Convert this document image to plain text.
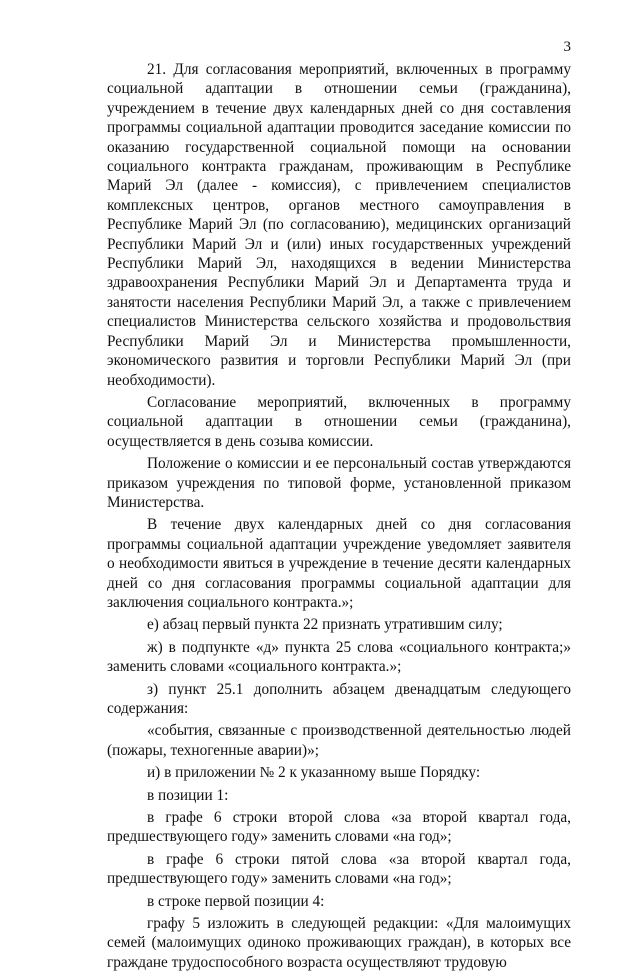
3

21. Для согласования мероприятий, включенных в программу социальной адаптации в отношении семьи (гражданина), учреждением в течение двух календарных дней со дня составления программы социальной адаптации проводится заседание комиссии по оказанию государственной социальной помощи на основании социального контракта гражданам, проживающим в Республике Марий Эл (далее - комиссия), с привлечением специалистов комплексных центров, органов местного самоуправления в Республике Марий Эл (по согласованию), медицинских организаций Республики Марий Эл и (или) иных государственных учреждений Республики Марий Эл, находящихся в ведении Министерства здравоохранения Республики Марий Эл и Департамента труда и занятости населения Республики Марий Эл, а также с привлечением специалистов Министерства сельского хозяйства и продовольствия Республики Марий Эл и Министерства промышленности, экономического развития и торговли Республики Марий Эл (при необходимости).

Согласование мероприятий, включенных в программу социальной адаптации в отношении семьи (гражданина), осуществляется в день созыва комиссии.

Положение о комиссии и ее персональный состав утверждаются приказом учреждения по типовой форме, установленной приказом Министерства.

В течение двух календарных дней со дня согласования программы социальной адаптации учреждение уведомляет заявителя о необходимости явиться в учреждение в течение десяти календарных дней со дня согласования программы социальной адаптации для заключения социального контракта.»;

е) абзац первый пункта 22 признать утратившим силу;

ж) в подпункте «д» пункта 25 слова «социального контракта;» заменить словами «социального контракта.»;

з) пункт 25.1 дополнить абзацем двенадцатым следующего содержания:

«события, связанные с производственной деятельностью людей (пожары, техногенные аварии)»;

и) в приложении № 2 к указанному выше Порядку:

в позиции 1:

в графе 6 строки второй слова «за второй квартал года, предшествующего году» заменить словами «на год»;

в графе 6 строки пятой слова «за второй квартал года, предшествующего году» заменить словами «на год»;

в строке первой позиции 4:

графу 5 изложить в следующей редакции: «Для малоимущих семей (малоимущих одиноко проживающих граждан), в которых все граждане трудоспособного возраста осуществляют трудовую
